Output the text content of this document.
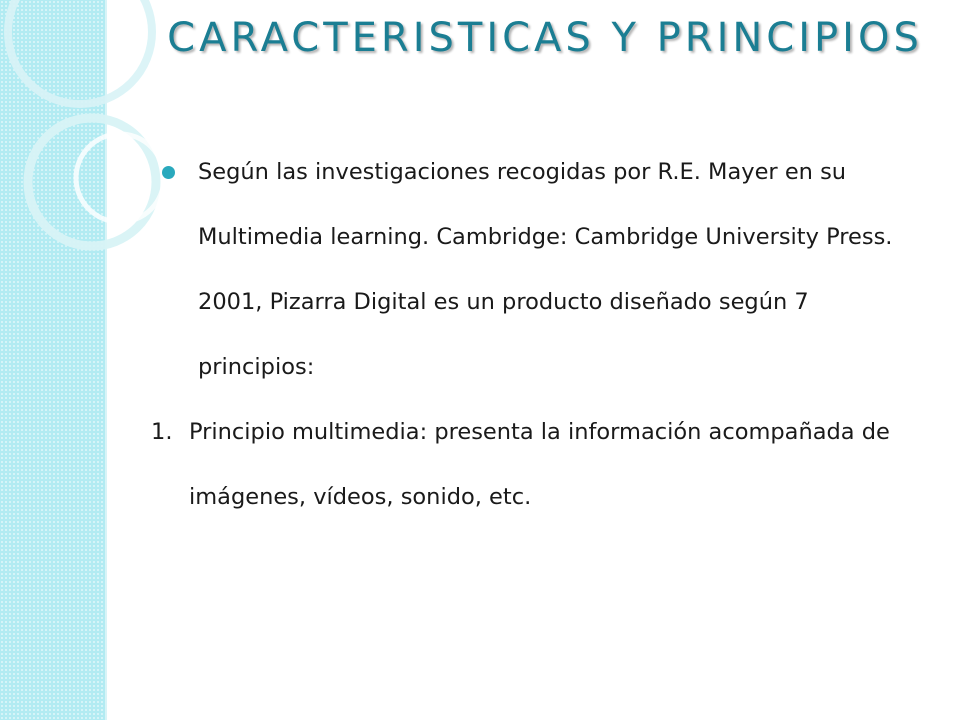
CARACTERISTICAS Y PRINCIPIOS

Según las investigaciones recogidas por R.E. Mayer en su Multimedia learning. Cambridge: Cambridge University Press. 2001, Pizarra Digital es un producto diseñado según 7 principios:

1. Principio multimedia: presenta la información acompañada de imágenes, vídeos, sonido, etc.
